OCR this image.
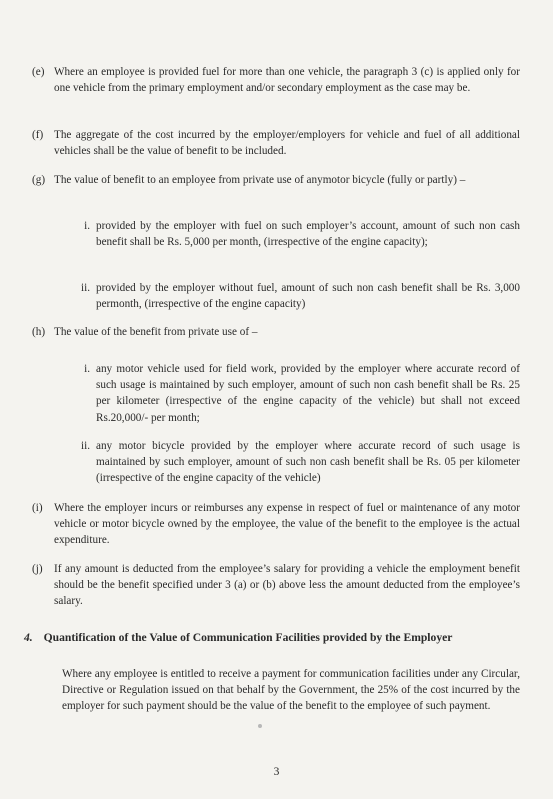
(e) Where an employee is provided fuel for more than one vehicle, the paragraph 3 (c) is applied only for one vehicle from the primary employment and/or secondary employment as the case may be.
(f) The aggregate of the cost incurred by the employer/employers for vehicle and fuel of all additional vehicles shall be the value of benefit to be included.
(g) The value of benefit to an employee from private use of anymotor bicycle (fully or partly) –
i. provided by the employer with fuel on such employer’s account, amount of such non cash benefit shall be Rs. 5,000 per month, (irrespective of the engine capacity);
ii. provided by the employer without fuel, amount of such non cash benefit shall be Rs. 3,000 permonth, (irrespective of the engine capacity)
(h) The value of the benefit from private use of –
i. any motor vehicle used for field work, provided by the employer where accurate record of such usage is maintained by such employer, amount of such non cash benefit shall be Rs. 25 per kilometer (irrespective of the engine capacity of the vehicle) but shall not exceed Rs.20,000/- per month;
ii. any motor bicycle provided by the employer where accurate record of such usage is maintained by such employer, amount of such non cash benefit shall be Rs. 05 per kilometer (irrespective of the engine capacity of the vehicle)
(i)	Where the employer incurs or reimburses any expense in respect of fuel or maintenance of any motor vehicle or motor bicycle owned by the employee, the value of the benefit to the employee is the actual expenditure.
(j)	If any amount is deducted from the employee’s salary for providing a vehicle the employment benefit should be the benefit specified under 3 (a) or (b) above less the amount deducted from the employee’s salary.
4. Quantification of the Value of Communication Facilities provided by the Employer
Where any employee is entitled to receive a payment for communication facilities under any Circular, Directive or Regulation issued on that behalf by the Government, the 25% of the cost incurred by the employer for such payment should be the value of the benefit to the employee of such payment.
3
